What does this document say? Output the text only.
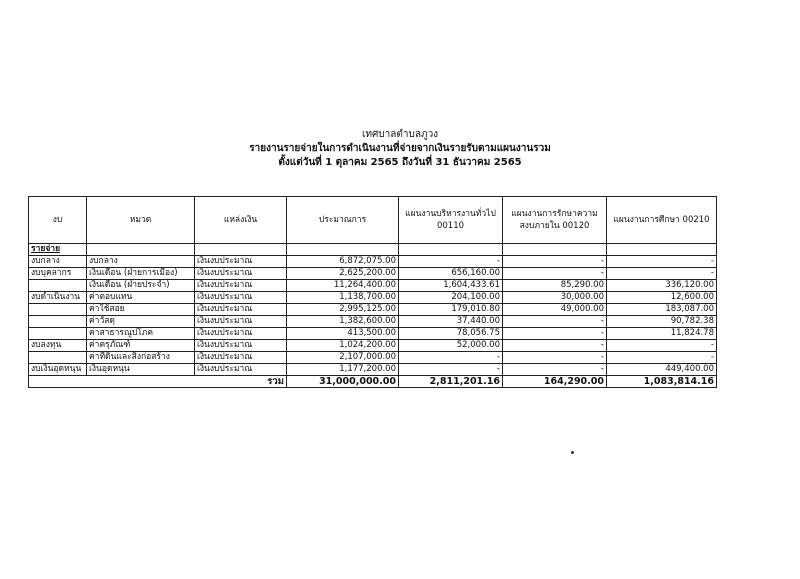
เทศบาลตำบลภูวง
รายงานรายจ่ายในการดำเนินงานที่จ่ายจากเงินรายรับตามแผนงานรวม
ตั้งแต่วันที่ 1 ตุลาคม 2565 ถึงวันที่ 31 ธันวาคม 2565
งบ	หมวด	แหล่งเงิน	ประมาณการ	แผนงานบริหารงานทั่วไป 00110	แผนงานการรักษาความสงบภายใน 00120	แผนงานการศึกษา 00210
รายจ่าย						
งบกลาง	งบกลาง	เงินงบประมาณ	6,872,075.00	-	-	-
งบบุคลากร	เงินเดือน (ฝ่ายการเมือง)	เงินงบประมาณ	2,625,200.00	656,160.00	-	-
	เงินเดือน (ฝ่ายประจำ)	เงินงบประมาณ	11,264,400.00	1,604,433.61	85,290.00	336,120.00
งบดำเนินงาน	ค่าตอบแทน	เงินงบประมาณ	1,138,700.00	204,100.00	30,000.00	12,600.00
	ค่าใช้สอย	เงินงบประมาณ	2,995,125.00	179,010.80	49,000.00	183,087.00
	ค่าวัสดุ	เงินงบประมาณ	1,382,600.00	37,440.00	-	90,782.38
	ค่าสาธารณูปโภค	เงินงบประมาณ	413,500.00	78,056.75	-	11,824.78
งบลงทุน	ค่าครุภัณฑ์	เงินงบประมาณ	1,024,200.00	52,000.00	-	-
	ค่าที่ดินและสิ่งก่อสร้าง	เงินงบประมาณ	2,107,000.00	-	-	-
งบเงินอุดหนุน	เงินอุดหนุน	เงินงบประมาณ	1,177,200.00	-	-	449,400.00
รวม			31,000,000.00	2,811,201.16	164,290.00	1,083,814.16
